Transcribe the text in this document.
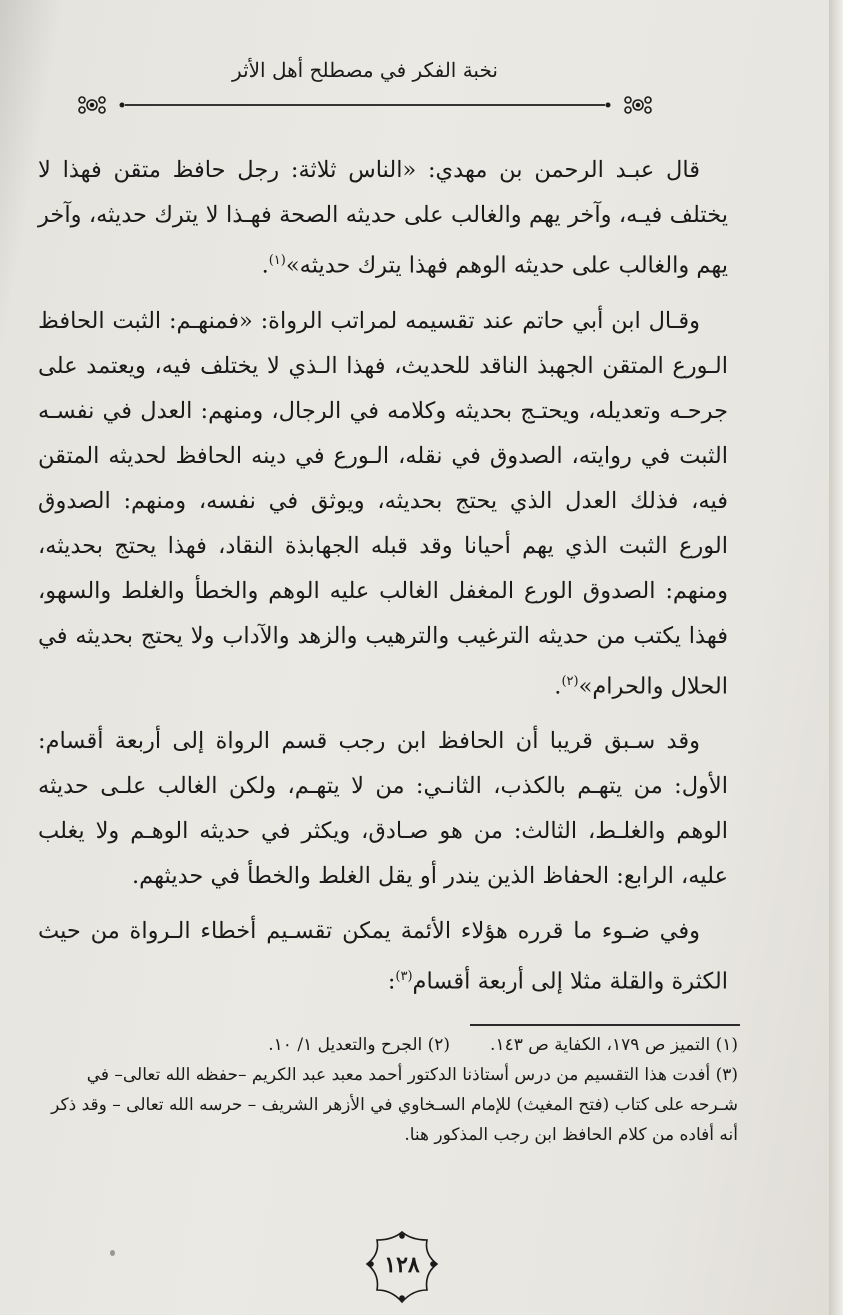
نخبة الفكر في مصطلح أهل الأثر

قال عبـد الرحمن بن مهدي: «الناس ثلاثة: رجل حافظ متقن فهذا لا يختلف فيـه، وآخر يهم والغالب على حديثه الصحة فهـذا لا يترك حديثه، وآخر يهم والغالب على حديثه الوهم فهذا يترك حديثه»$^{(١)}$.

وقـال ابن أبي حاتم عند تقسيمه لمراتب الرواة: «فمنهـم: الثبت الحافظ الـورع المتقن الجهبذ الناقد للحديث، فهذا الـذي لا يختلف فيه، ويعتمد على جرحـه وتعديله، ويحتـج بحديثه وكلامه في الرجال، ومنهم: العدل في نفسـه الثبت في روايته، الصدوق في نقله، الـورع في دينه الحافظ لحديثه المتقن فيه، فذلك العدل الذي يحتج بحديثه، ويوثق في نفسه، ومنهم: الصدوق الورع الثبت الذي يهم أحيانا وقد قبله الجهابذة النقاد، فهذا يحتج بحديثه، ومنهم: الصدوق الورع المغفل الغالب عليه الوهم والخطأ والغلط والسهو، فهذا يكتب من حديثه الترغيب والترهيب والزهد والآداب ولا يحتج بحديثه في الحلال والحرام»$^{(٢)}$.

وقد سـبق قريبا أن الحافظ ابن رجب قسم الرواة إلى أربعة أقسام: الأول: من يتهـم بالكذب، الثانـي: من لا يتهـم، ولكن الغالب علـى حديثه الوهم والغلـط، الثالث: من هو صـادق، ويكثر في حديثه الوهـم ولا يغلب عليه، الرابع: الحفاظ الذين يندر أو يقل الغلط والخطأ في حديثهم.

وفي ضـوء ما قرره هؤلاء الأئمة يمكن تقسـيم أخطاء الـرواة من حيث الكثرة والقلة مثلا إلى أربعة أقسام$^{(٣)}$:

(١) التميز ص ١٧٩، الكفاية ص ١٤٣.
(٢) الجرح والتعديل ١/ ١٠.
(٣) أفدت هذا التقسيم من درس أستاذنا الدكتور أحمد معبد عبد الكريم –حفظه الله تعالى– في شـرحه على كتاب (فتح المغيث) للإمام السـخاوي في الأزهر الشريف – حرسه الله تعالى – وقد ذكر أنه أفاده من كلام الحافظ ابن رجب المذكور هنا.
١٢٨
